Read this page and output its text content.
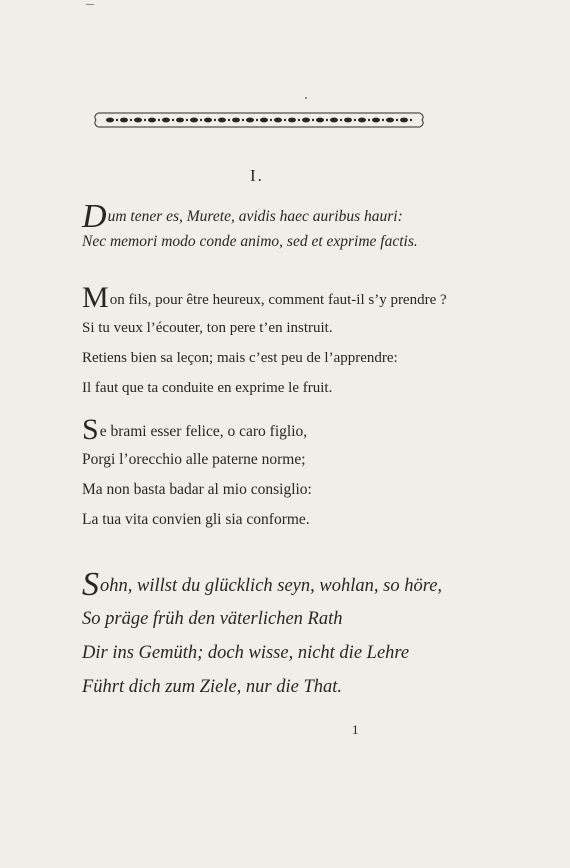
I.
Dum tener es, Murete, avidis haec auribus hauri:
Nec memori modo conde animo, sed et exprime factis.
Mon fils, pour être heureux, comment faut-il s’y prendre ?
Si tu veux l’écouter, ton pere t’en instruit.
Retiens bien sa leçon; mais c’est peu de l’apprendre:
Il faut que ta conduite en exprime le fruit.
Se brami esser felice, o caro figlio,
Porgi l’orecchio alle paterne norme;
Ma non basta badar al mio consiglio:
La tua vita convien gli sia conforme.
Sohn, willst du glücklich seyn, wohlan, so höre,
So präge früh den väterlichen Rath
Dir ins Gemüth; doch wisse, nicht die Lehre
Führt dich zum Ziele, nur die That.
1
